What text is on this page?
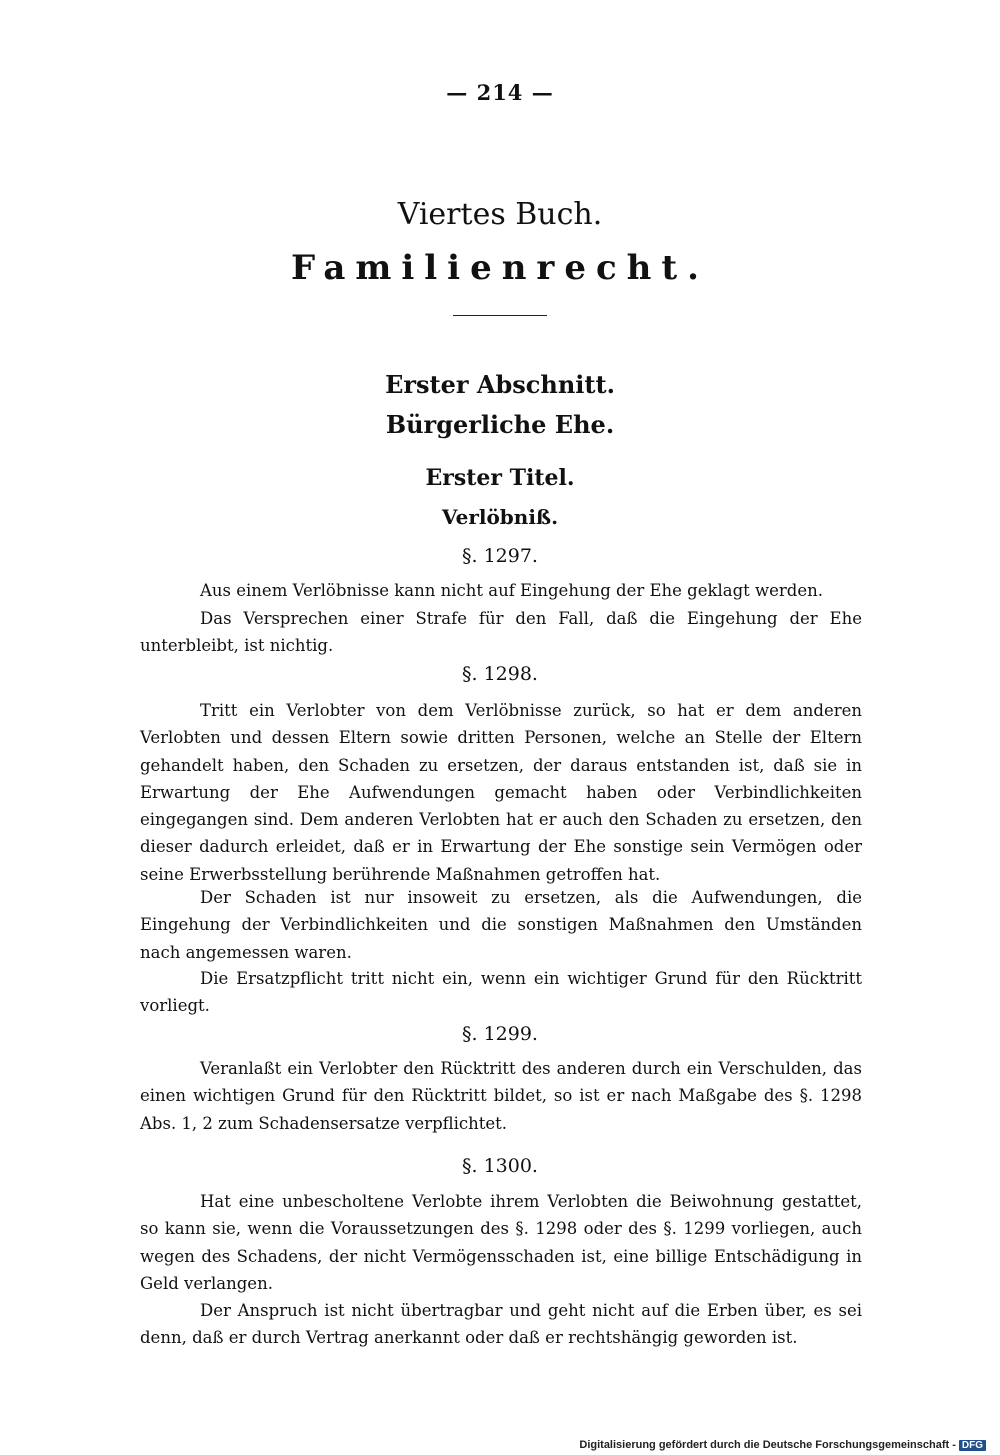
— 214 —
Viertes Buch.
Familienrecht.
Erster Abschnitt.
Bürgerliche Ehe.
Erster Titel.
Verlöbniß.
§. 1297.

Aus einem Verlöbnisse kann nicht auf Eingehung der Ehe geklagt werden.

Das Versprechen einer Strafe für den Fall, daß die Eingehung der Ehe unterbleibt, ist nichtig.

§. 1298.

Tritt ein Verlobter von dem Verlöbnisse zurück, so hat er dem anderen Verlobten und dessen Eltern sowie dritten Personen, welche an Stelle der Eltern gehandelt haben, den Schaden zu ersetzen, der daraus entstanden ist, daß sie in Erwartung der Ehe Aufwendungen gemacht haben oder Verbindlichkeiten eingegangen sind. Dem anderen Verlobten hat er auch den Schaden zu ersetzen, den dieser dadurch erleidet, daß er in Erwartung der Ehe sonstige sein Vermögen oder seine Erwerbsstellung berührende Maßnahmen getroffen hat.

Der Schaden ist nur insoweit zu ersetzen, als die Aufwendungen, die Eingehung der Verbindlichkeiten und die sonstigen Maßnahmen den Umständen nach angemessen waren.

Die Ersatzpflicht tritt nicht ein, wenn ein wichtiger Grund für den Rücktritt vorliegt.

§. 1299.

Veranlaßt ein Verlobter den Rücktritt des anderen durch ein Verschulden, das einen wichtigen Grund für den Rücktritt bildet, so ist er nach Maßgabe des §. 1298 Abs. 1, 2 zum Schadensersatze verpflichtet.

§. 1300.

Hat eine unbescholtene Verlobte ihrem Verlobten die Beiwohnung gestattet, so kann sie, wenn die Voraussetzungen des §. 1298 oder des §. 1299 vorliegen, auch wegen des Schadens, der nicht Vermögensschaden ist, eine billige Entschädigung in Geld verlangen.

Der Anspruch ist nicht übertragbar und geht nicht auf die Erben über, es sei denn, daß er durch Vertrag anerkannt oder daß er rechtshängig geworden ist.

Digitalisierung gefördert durch die Deutsche Forschungsgemeinschaft - DFG
